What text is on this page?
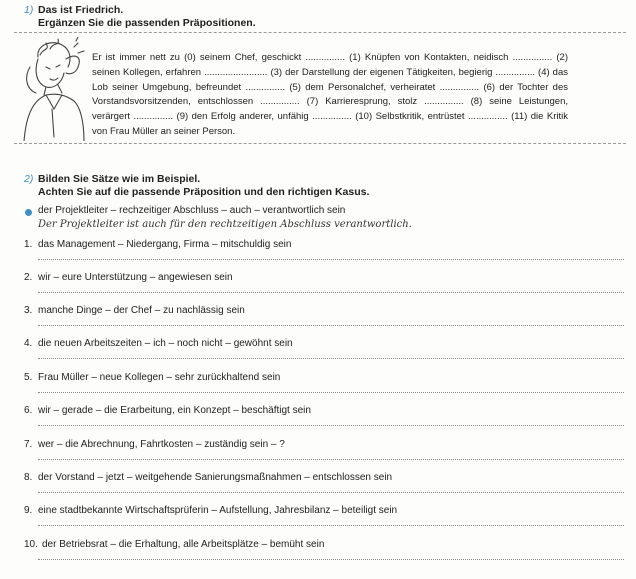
1) Das ist Friedrich.
Ergänzen Sie die passenden Präpositionen.
Er ist immer nett zu (0) seinem Chef, geschickt ............... (1) Knüpfen von Kontakten, neidisch ............... (2) seinen Kollegen, erfahren ........................ (3) der Darstellung der eigenen Tätigkeiten, begierig ............... (4) das Lob seiner Umgebung, befreundet ............... (5) dem Personalchef, verheiratet ............... (6) der Tochter des Vorstandsvorsitzenden, entschlossen ............... (7) Karrieresprung, stolz ............... (8) seine Leistungen, verärgert ............... (9) den Erfolg anderer, unfähig ............... (10) Selbstkritik, entrüstet ............... (11) die Kritik von Frau Müller an seiner Person.
2) Bilden Sie Sätze wie im Beispiel.
Achten Sie auf die passende Präposition und den richtigen Kasus.
der Projektleiter – rechzeitiger Abschluss – auch – verantwortlich sein
Der Projektleiter ist auch für den rechtzeitigen Abschluss verantwortlich.
1. das Management – Niedergang, Firma – mitschuldig sein
2. wir – eure Unterstützung – angewiesen sein
3. manche Dinge – der Chef – zu nachlässig sein
4. die neuen Arbeitszeiten – ich – noch nicht – gewöhnt sein
5. Frau Müller – neue Kollegen – sehr zurückhaltend sein
6. wir – gerade – die Erarbeitung, ein Konzept – beschäftigt sein
7. wer – die Abrechnung, Fahrtkosten – zuständig sein – ?
8. der Vorstand – jetzt – weitgehende Sanierungsmaßnahmen – entschlossen sein
9. eine stadtbekannte Wirtschaftsprüferin – Aufstellung, Jahresbilanz – beteiligt sein
10. der Betriebsrat – die Erhaltung, alle Arbeitsplätze – bemüht sein
